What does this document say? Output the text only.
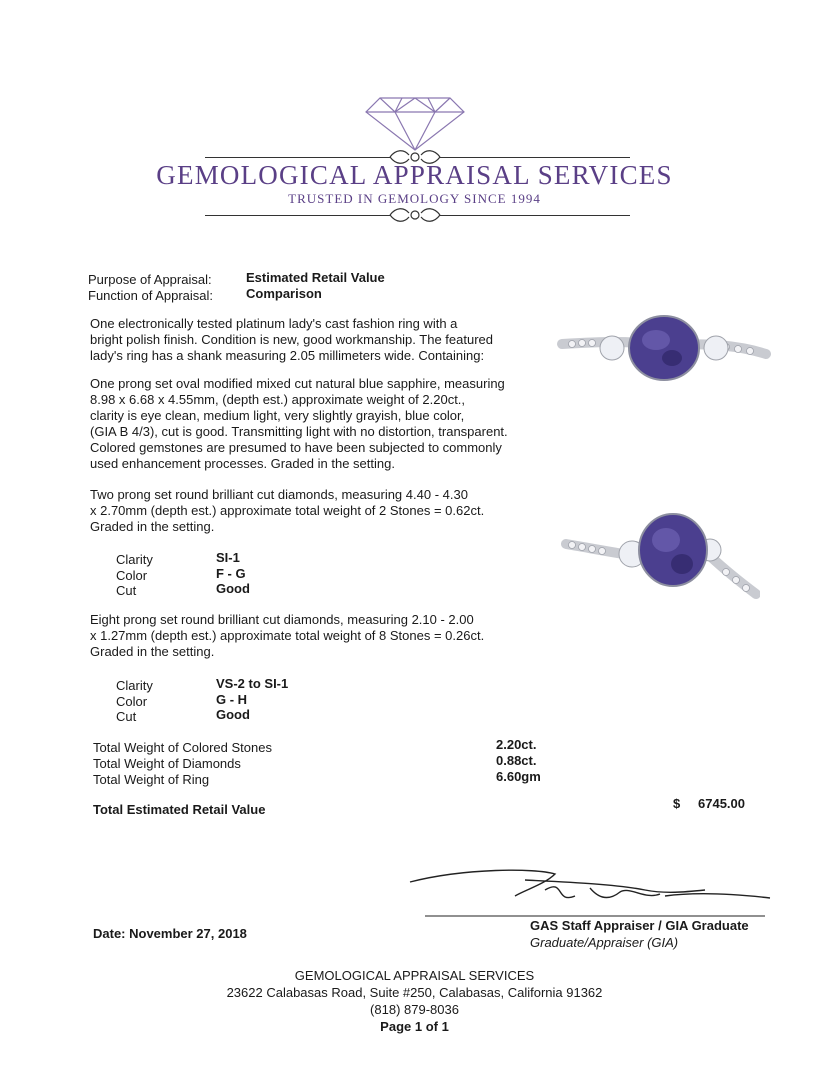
GEMOLOGICAL APPRAISAL SERVICES
TRUSTED IN GEMOLOGY SINCE 1994
Purpose of Appraisal:	Estimated Retail Value
Function of Appraisal:	Comparison
One electronically tested platinum lady's cast fashion ring with a
bright polish finish. Condition is new, good workmanship. The featured
lady's ring has a shank measuring 2.05 millimeters wide. Containing:
One prong set oval modified mixed cut natural blue sapphire, measuring
8.98 x 6.68 x 4.55mm, (depth est.) approximate weight of 2.20ct.,
clarity is eye clean, medium light, very slightly grayish, blue color,
(GIA B 4/3), cut is good. Transmitting light with no distortion, transparent.
Colored gemstones are presumed to have been subjected to commonly
used enhancement processes. Graded in the setting.
Two prong set round brilliant cut diamonds, measuring 4.40 - 4.30
x 2.70mm (depth est.) approximate total weight of 2 Stones = 0.62ct.
Graded in the setting.
Clarity	SI-1
Color	F - G
Cut	Good
Eight prong set round brilliant cut diamonds, measuring 2.10 - 2.00
x 1.27mm (depth est.) approximate total weight of 8 Stones = 0.26ct.
Graded in the setting.
Clarity	VS-2 to SI-1
Color	G - H
Cut	Good
Total Weight of Colored Stones	2.20ct.
Total Weight of Diamonds	0.88ct.
Total Weight of Ring	6.60gm
Total Estimated Retail Value	$ 6745.00
Date: November 27, 2018
GAS Staff Appraiser / GIA Graduate
Graduate/Appraiser (GIA)
GEMOLOGICAL APPRAISAL SERVICES
23622 Calabasas Road, Suite #250, Calabasas, California 91362
(818) 879-8036
Page 1 of 1
